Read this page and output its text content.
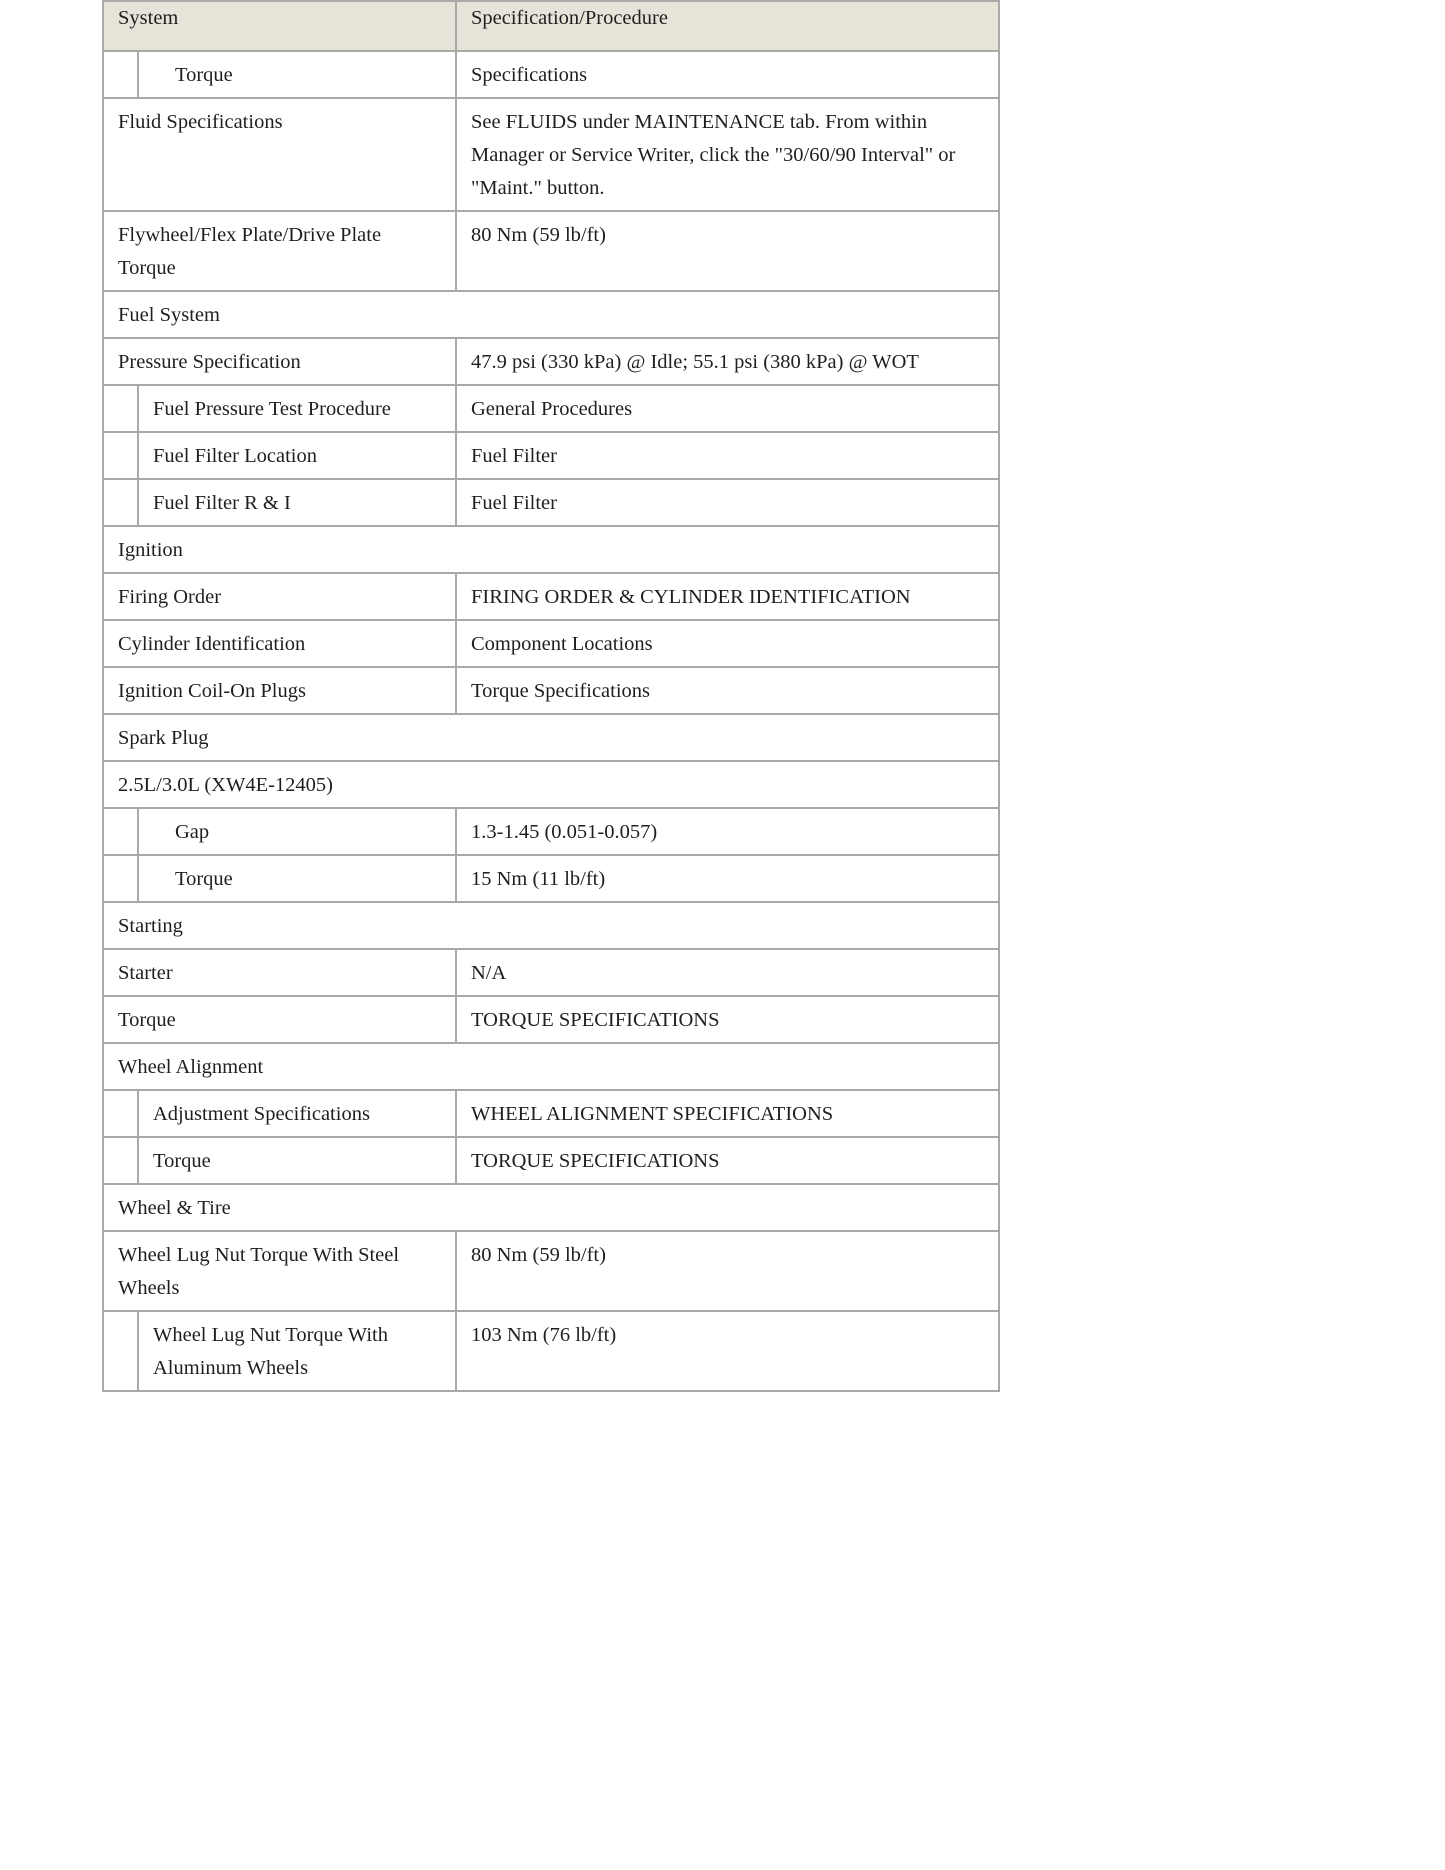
System		Specification/Procedure
	Torque	Specifications
Fluid Specifications		See FLUIDS under MAINTENANCE tab. From within Manager or Service Writer, click the "30/60/90 Interval" or "Maint." button.
Flywheel/Flex Plate/Drive Plate Torque		80 Nm (59 lb/ft)
Fuel System		
Pressure Specification		47.9 psi (330 kPa) @ Idle; 55.1 psi (380 kPa) @ WOT
	Fuel Pressure Test Procedure	General Procedures
	Fuel Filter Location	Fuel Filter
	Fuel Filter R & I	Fuel Filter
Ignition		
Firing Order		FIRING ORDER & CYLINDER IDENTIFICATION
Cylinder Identification		Component Locations
Ignition Coil-On Plugs		Torque Specifications
Spark Plug		
2.5L/3.0L (XW4E-12405)		
	Gap	1.3-1.45 (0.051-0.057)
	Torque	15 Nm (11 lb/ft)
Starting		
Starter		N/A
Torque		TORQUE SPECIFICATIONS
Wheel Alignment		
	Adjustment Specifications	WHEEL ALIGNMENT SPECIFICATIONS
	Torque	TORQUE SPECIFICATIONS
Wheel & Tire		
Wheel Lug Nut Torque With Steel Wheels		80 Nm (59 lb/ft)
	Wheel Lug Nut Torque With Aluminum Wheels	103 Nm (76 lb/ft)
